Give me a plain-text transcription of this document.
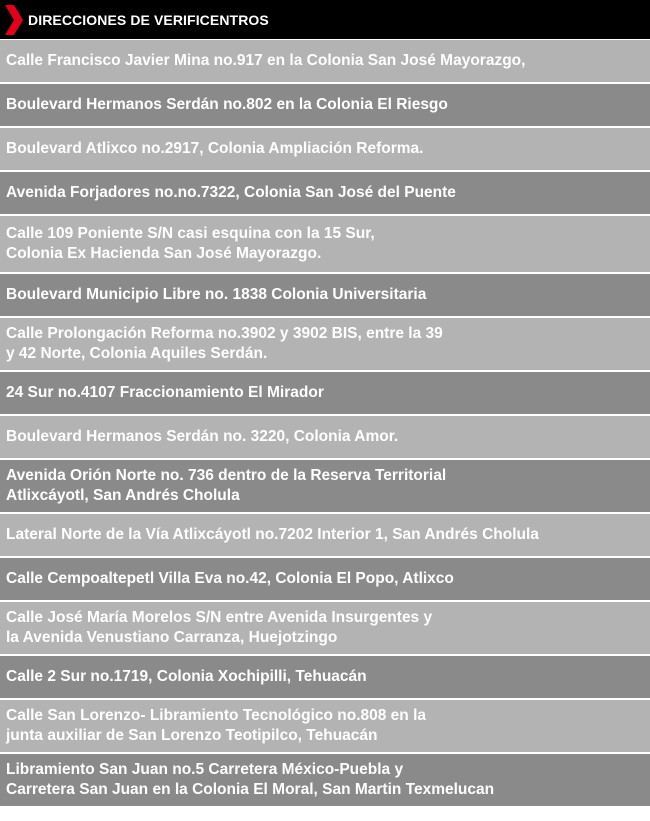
DIRECCIONES DE VERIFICENTROS
Calle Francisco Javier Mina no.917 en la Colonia San José Mayorazgo,
Boulevard Hermanos Serdán no.802 en la Colonia El Riesgo
Boulevard Atlixco no.2917, Colonia Ampliación Reforma.
Avenida Forjadores no.no.7322, Colonia San José del Puente
Calle 109 Poniente S/N casi esquina con la 15 Sur,
Colonia Ex Hacienda San José Mayorazgo.
Boulevard Municipio Libre no. 1838 Colonia Universitaria
Calle Prolongación Reforma no.3902 y 3902 BIS, entre la 39
y 42 Norte, Colonia Aquiles Serdán.
24 Sur no.4107 Fraccionamiento El Mirador
Boulevard Hermanos Serdán no. 3220, Colonia Amor.
Avenida Orión Norte no. 736 dentro de la Reserva Territorial
Atlixcáyotl, San Andrés Cholula
Lateral Norte de la Vía Atlixcáyotl no.7202 Interior 1, San Andrés Cholula
Calle Cempoaltepetl Villa Eva no.42, Colonia El Popo, Atlixco
Calle José María Morelos S/N entre Avenida Insurgentes y
la Avenida Venustiano Carranza, Huejotzingo
Calle 2 Sur no.1719, Colonia Xochipilli, Tehuacán
Calle San Lorenzo- Libramiento Tecnológico no.808 en la
junta auxiliar de San Lorenzo Teotipilco, Tehuacán
Libramiento San Juan no.5 Carretera México-Puebla y
Carretera San Juan en la Colonia El Moral, San Martin Texmelucan
